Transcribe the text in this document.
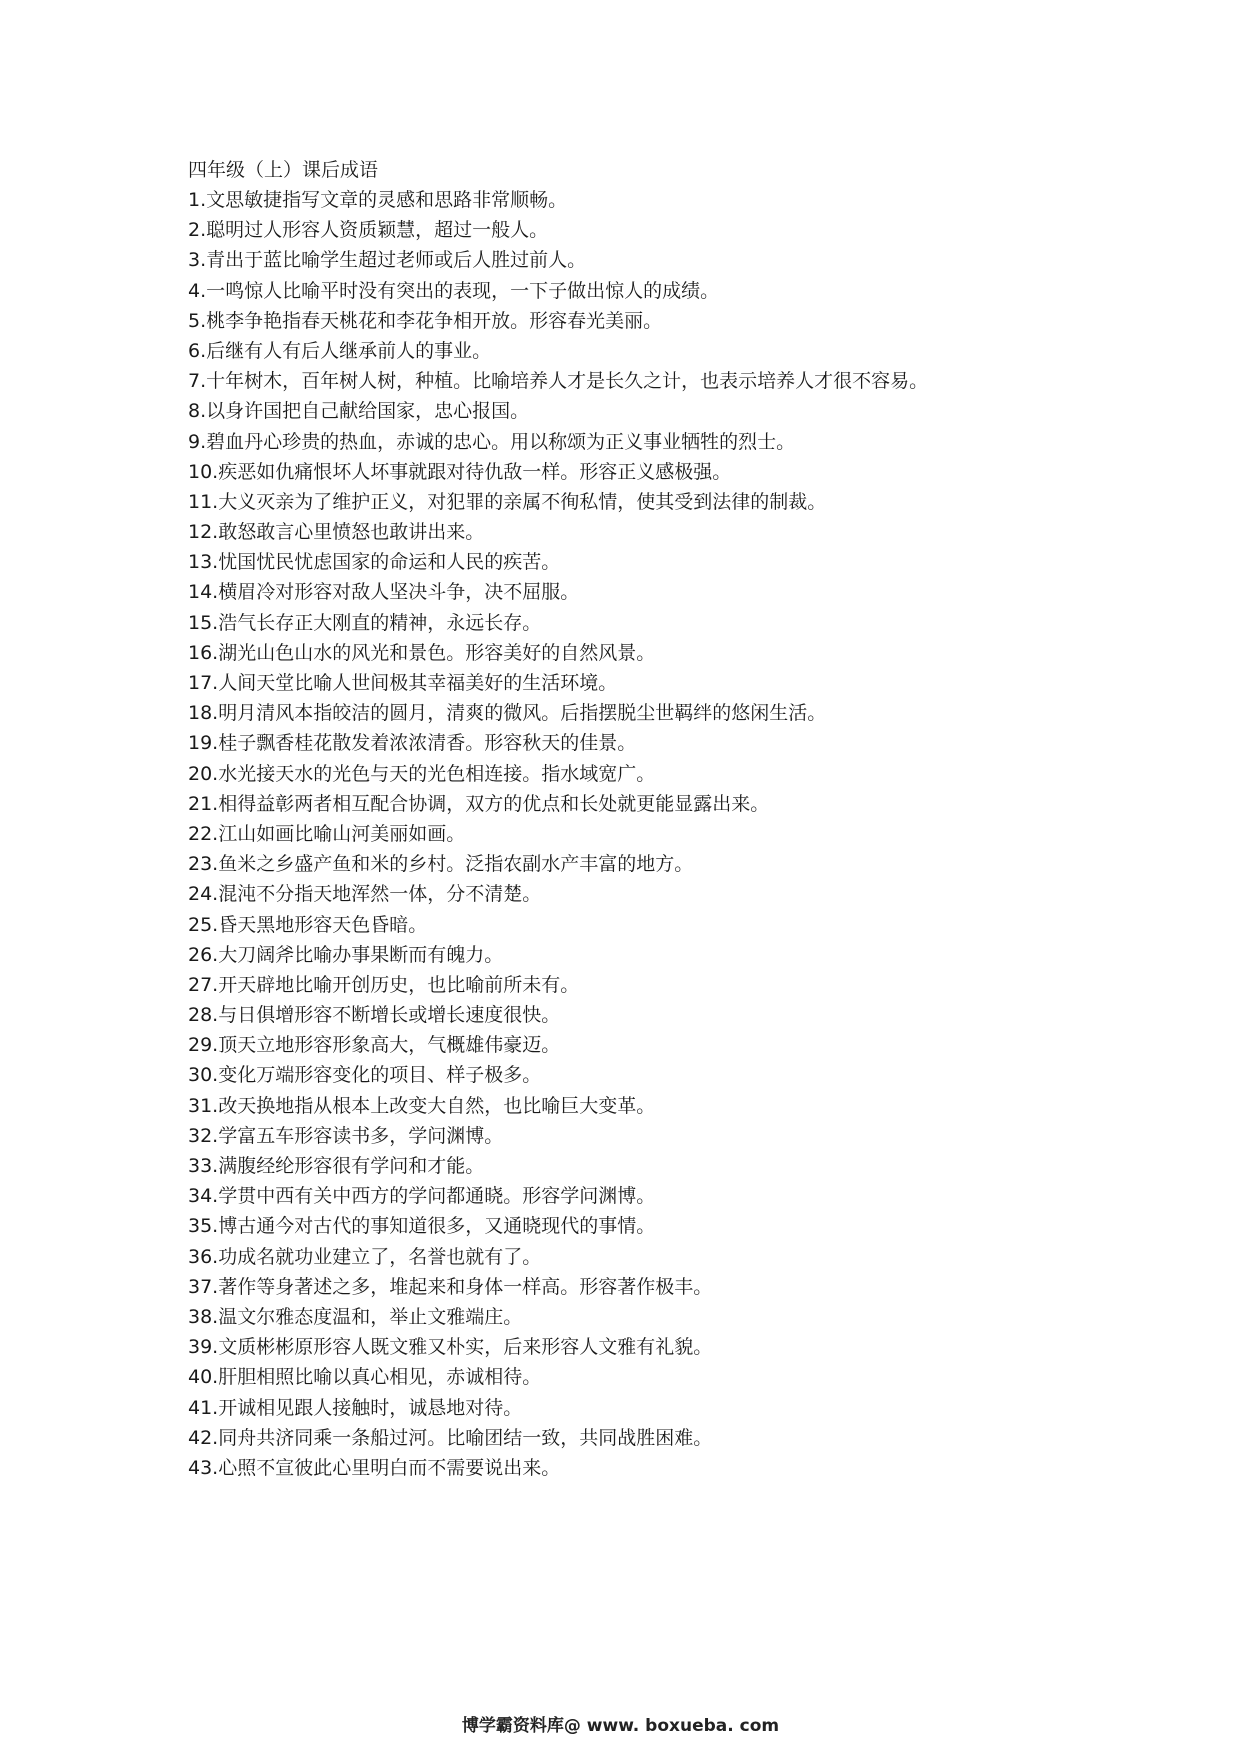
四年级（上）课后成语
1.文思敏捷指写文章的灵感和思路非常顺畅。
2.聪明过人形容人资质颖慧，超过一般人。
3.青出于蓝比喻学生超过老师或后人胜过前人。
4.一鸣惊人比喻平时没有突出的表现，一下子做出惊人的成绩。
5.桃李争艳指春天桃花和李花争相开放。形容春光美丽。
6.后继有人有后人继承前人的事业。
7.十年树木，百年树人树，种植。比喻培养人才是长久之计，也表示培养人才很不容易。
8.以身许国把自己献给国家，忠心报国。
9.碧血丹心珍贵的热血，赤诚的忠心。用以称颂为正义事业牺牲的烈士。
10.疾恶如仇痛恨坏人坏事就跟对待仇敌一样。形容正义感极强。
11.大义灭亲为了维护正义，对犯罪的亲属不徇私情，使其受到法律的制裁。
12.敢怒敢言心里愤怒也敢讲出来。
13.忧国忧民忧虑国家的命运和人民的疾苦。
14.横眉冷对形容对敌人坚决斗争，决不屈服。
15.浩气长存正大刚直的精神，永远长存。
16.湖光山色山水的风光和景色。形容美好的自然风景。
17.人间天堂比喻人世间极其幸福美好的生活环境。
18.明月清风本指皎洁的圆月，清爽的微风。后指摆脱尘世羁绊的悠闲生活。
19.桂子飘香桂花散发着浓浓清香。形容秋天的佳景。
20.水光接天水的光色与天的光色相连接。指水域宽广。
21.相得益彰两者相互配合协调，双方的优点和长处就更能显露出来。
22.江山如画比喻山河美丽如画。
23.鱼米之乡盛产鱼和米的乡村。泛指农副水产丰富的地方。
24.混沌不分指天地浑然一体，分不清楚。
25.昏天黑地形容天色昏暗。
26.大刀阔斧比喻办事果断而有魄力。
27.开天辟地比喻开创历史，也比喻前所未有。
28.与日俱增形容不断增长或增长速度很快。
29.顶天立地形容形象高大，气概雄伟豪迈。
30.变化万端形容变化的项目、样子极多。
31.改天换地指从根本上改变大自然，也比喻巨大变革。
32.学富五车形容读书多，学问渊博。
33.满腹经纶形容很有学问和才能。
34.学贯中西有关中西方的学问都通晓。形容学问渊博。
35.博古通今对古代的事知道很多，又通晓现代的事情。
36.功成名就功业建立了，名誉也就有了。
37.著作等身著述之多，堆起来和身体一样高。形容著作极丰。
38.温文尔雅态度温和，举止文雅端庄。
39.文质彬彬原形容人既文雅又朴实，后来形容人文雅有礼貌。
40.肝胆相照比喻以真心相见，赤诚相待。
41.开诚相见跟人接触时，诚恳地对待。
42.同舟共济同乘一条船过河。比喻团结一致，共同战胜困难。
43.心照不宣彼此心里明白而不需要说出来。
博学霸资料库@ www. boxueba. com
